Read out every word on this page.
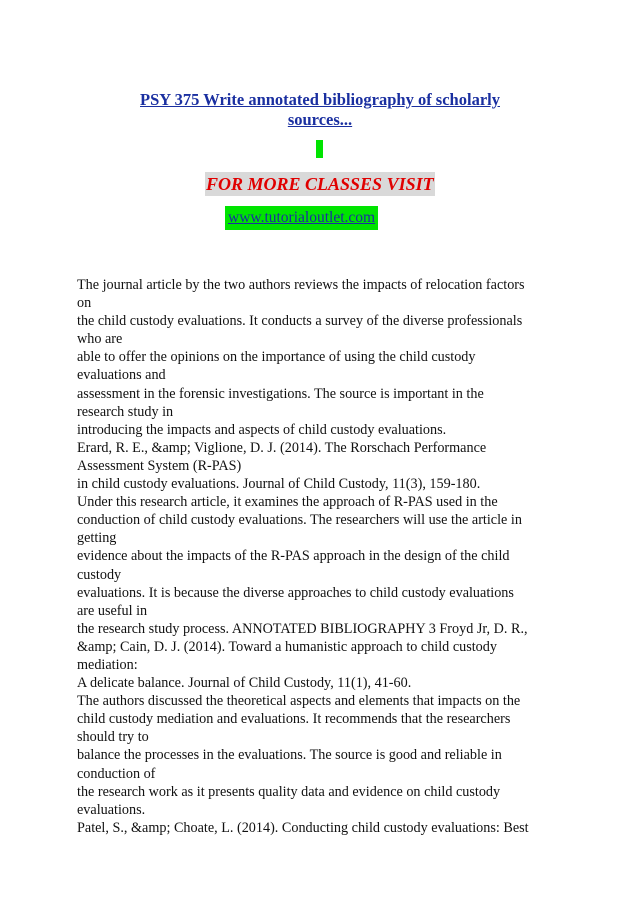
PSY 375 Write annotated bibliography of scholarly
sources...
FOR MORE CLASSES VISIT
www.tutorialoutlet.com
The journal article by the two authors reviews the impacts of relocation factors
on
the child custody evaluations. It conducts a survey of the diverse professionals
who are
able to offer the opinions on the importance of using the child custody
evaluations and
assessment in the forensic investigations. The source is important in the
research study in
introducing the impacts and aspects of child custody evaluations.
Erard, R. E., &amp; Viglione, D. J. (2014). The Rorschach Performance
Assessment System (R-PAS)
in child custody evaluations. Journal of Child Custody, 11(3), 159-180.
Under this research article, it examines the approach of R-PAS used in the
conduction of child custody evaluations. The researchers will use the article in
getting
evidence about the impacts of the R-PAS approach in the design of the child
custody
evaluations. It is because the diverse approaches to child custody evaluations
are useful in
the research study process. ANNOTATED BIBLIOGRAPHY 3 Froyd Jr, D. R.,
&amp; Cain, D. J. (2014). Toward a humanistic approach to child custody
mediation:
A delicate balance. Journal of Child Custody, 11(1), 41-60.
The authors discussed the theoretical aspects and elements that impacts on the
child custody mediation and evaluations. It recommends that the researchers
should try to
balance the processes in the evaluations. The source is good and reliable in
conduction of
the research work as it presents quality data and evidence on child custody
evaluations.
Patel, S., &amp; Choate, L. (2014). Conducting child custody evaluations: Best
